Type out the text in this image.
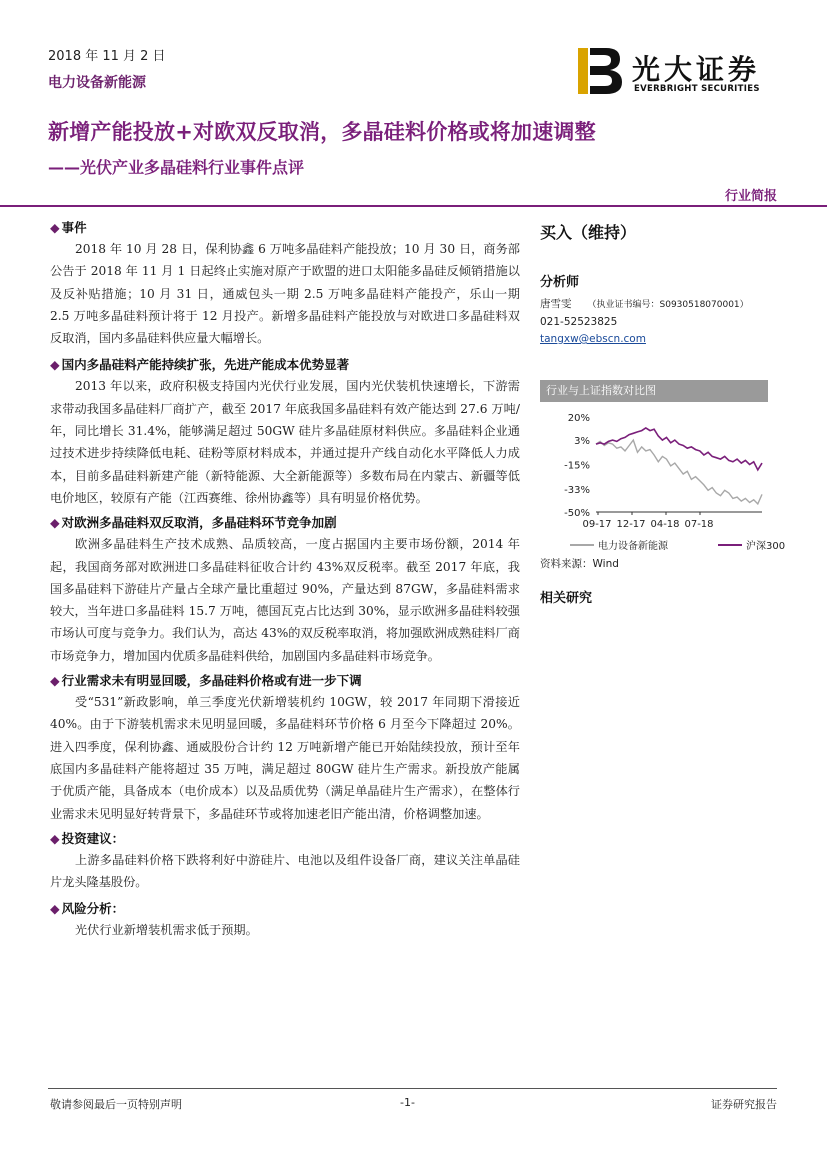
2018 年 11 月 2 日
电力设备新能源
新增产能投放+对欧双反取消，多晶硅料价格或将加速调整
——光伏产业多晶硅料行业事件点评
光大证券
EVERBRIGHT SECURITIES
行业简报

◆ 事件

2018 年 10 月 28 日，保利协鑫 6 万吨多晶硅料产能投放；10 月 30 日，商务部公告于 2018 年 11 月 1 日起终止实施对原产于欧盟的进口太阳能多晶硅反倾销措施以及反补贴措施；10 月 31 日，通威包头一期 2.5 万吨多晶硅料产能投产，乐山一期 2.5 万吨多晶硅料预计将于 12 月投产。新增多晶硅料产能投放与对欧进口多晶硅料双反取消，国内多晶硅料供应量大幅增长。

◆ 国内多晶硅料产能持续扩张，先进产能成本优势显著

2013 年以来，政府积极支持国内光伏行业发展，国内光伏装机快速增长，下游需求带动我国多晶硅料厂商扩产，截至 2017 年底我国多晶硅料有效产能达到 27.6 万吨/年，同比增长 31.4%，能够满足超过 50GW 硅片多晶硅原材料供应。多晶硅料企业通过技术进步持续降低电耗、硅粉等原材料成本，并通过提升产线自动化水平降低人力成本，目前多晶硅料新建产能（新特能源、大全新能源等）多数布局在内蒙古、新疆等低电价地区，较原有产能（江西赛维、徐州协鑫等）具有明显价格优势。

◆ 对欧洲多晶硅料双反取消，多晶硅料环节竞争加剧

欧洲多晶硅料生产技术成熟、品质较高，一度占据国内主要市场份额，2014 年起，我国商务部对欧洲进口多晶硅料征收合计约 43%双反税率。截至 2017 年底，我国多晶硅料下游硅片产量占全球产量比重超过 90%，产量达到 87GW，多晶硅料需求较大，当年进口多晶硅料 15.7 万吨，德国瓦克占比达到 30%，显示欧洲多晶硅料较强市场认可度与竞争力。我们认为，高达 43%的双反税率取消，将加强欧洲成熟硅料厂商市场竞争力，增加国内优质多晶硅料供给，加剧国内多晶硅料市场竞争。

◆ 行业需求未有明显回暖，多晶硅料价格或有进一步下调

受“531”新政影响，单三季度光伏新增装机约 10GW，较 2017 年同期下滑接近 40%。由于下游装机需求未见明显回暖，多晶硅料环节价格 6 月至今下降超过 20%。进入四季度，保利协鑫、通威股份合计约 12 万吨新增产能已开始陆续投放，预计至年底国内多晶硅料产能将超过 35 万吨，满足超过 80GW 硅片生产需求。新投放产能属于优质产能，具备成本（电价成本）以及品质优势（满足单晶硅片生产需求），在整体行业需求未见明显好转背景下，多晶硅环节或将加速老旧产能出清，价格调整加速。

◆ 投资建议：

上游多晶硅料价格下跌将利好中游硅片、电池以及组件设备厂商，建议关注单晶硅片龙头隆基股份。

◆ 风险分析：

光伏行业新增装机需求低于预期。

买入（维持）

分析师

唐雪雯 （执业证书编号：S0930518070001）
021-52523825
tangxw@ebscn.com
行业与上证指数对比图
20%
3%
-15%
-33%
-50%
09-17 12-17 04-18 07-18
电力设备新能源	沪深300
资料来源：Wind
相关研究
敬请参阅最后一页特别声明	-1-	证券研究报告
